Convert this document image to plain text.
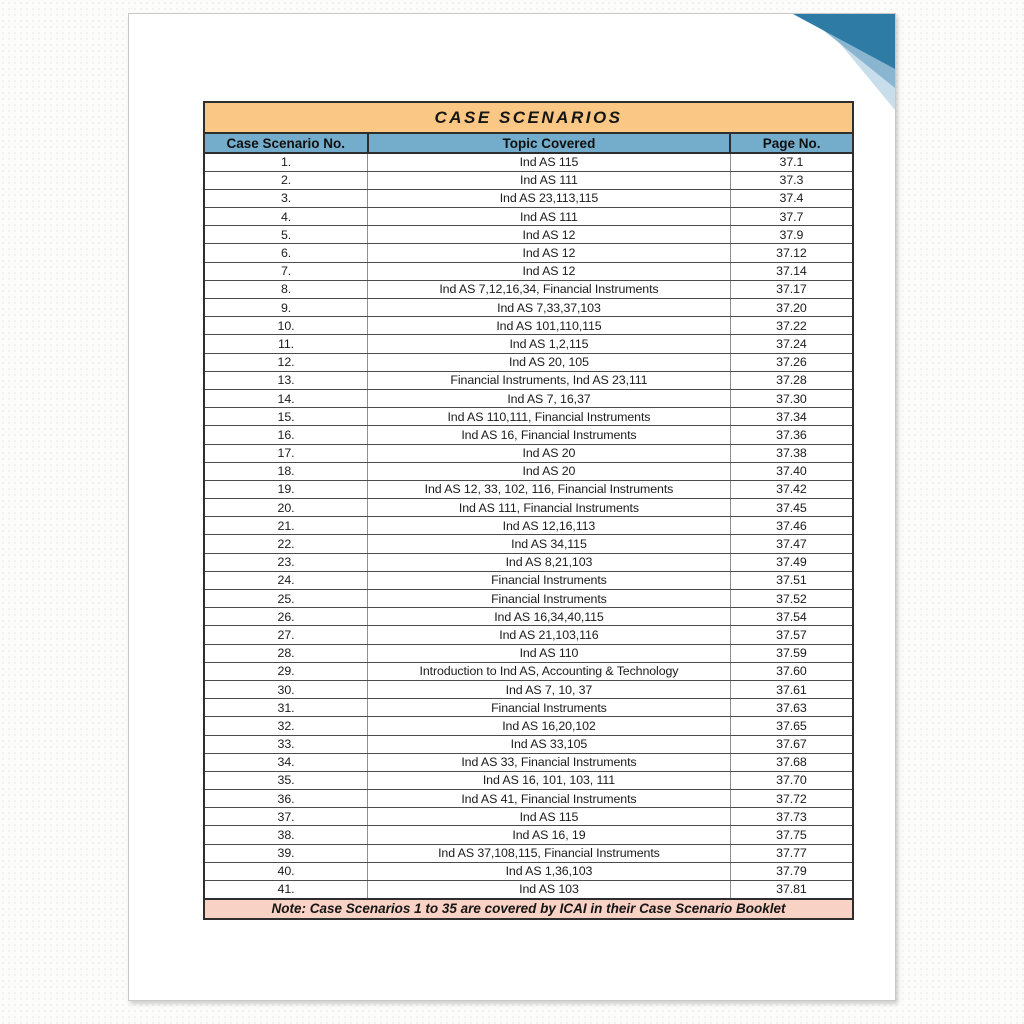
CASE SCENARIOS		
Case Scenario No.	Topic Covered	Page No.
1.	Ind AS 115	37.1
2.	Ind AS 111	37.3
3.	Ind AS 23,113,115	37.4
4.	Ind AS 111	37.7
5.	Ind AS 12	37.9
6.	Ind AS 12	37.12
7.	Ind AS 12	37.14
8.	Ind AS 7,12,16,34, Financial Instruments	37.17
9.	Ind AS 7,33,37,103	37.20
10.	Ind AS 101,110,115	37.22
11.	Ind AS 1,2,115	37.24
12.	Ind AS 20, 105	37.26
13.	Financial Instruments, Ind AS 23,111	37.28
14.	Ind AS 7, 16,37	37.30
15.	Ind AS 110,111, Financial Instruments	37.34
16.	Ind AS 16, Financial Instruments	37.36
17.	Ind AS 20	37.38
18.	Ind AS 20	37.40
19.	Ind AS 12, 33, 102, 116, Financial Instruments	37.42
20.	Ind AS 111, Financial Instruments	37.45
21.	Ind AS 12,16,113	37.46
22.	Ind AS 34,115	37.47
23.	Ind AS 8,21,103	37.49
24.	Financial Instruments	37.51
25.	Financial Instruments	37.52
26.	Ind AS 16,34,40,115	37.54
27.	Ind AS 21,103,116	37.57
28.	Ind AS 110	37.59
29.	Introduction to Ind AS, Accounting & Technology	37.60
30.	Ind AS 7, 10, 37	37.61
31.	Financial Instruments	37.63
32.	Ind AS 16,20,102	37.65
33.	Ind AS 33,105	37.67
34.	Ind AS 33, Financial Instruments	37.68
35.	Ind AS 16, 101, 103, 111	37.70
36.	Ind AS 41, Financial Instruments	37.72
37.	Ind AS 115	37.73
38.	Ind AS 16, 19	37.75
39.	Ind AS 37,108,115, Financial Instruments	37.77
40.	Ind AS 1,36,103	37.79
41.	Ind AS 103	37.81
Note: Case Scenarios 1 to 35 are covered by ICAI in their Case Scenario Booklet		
